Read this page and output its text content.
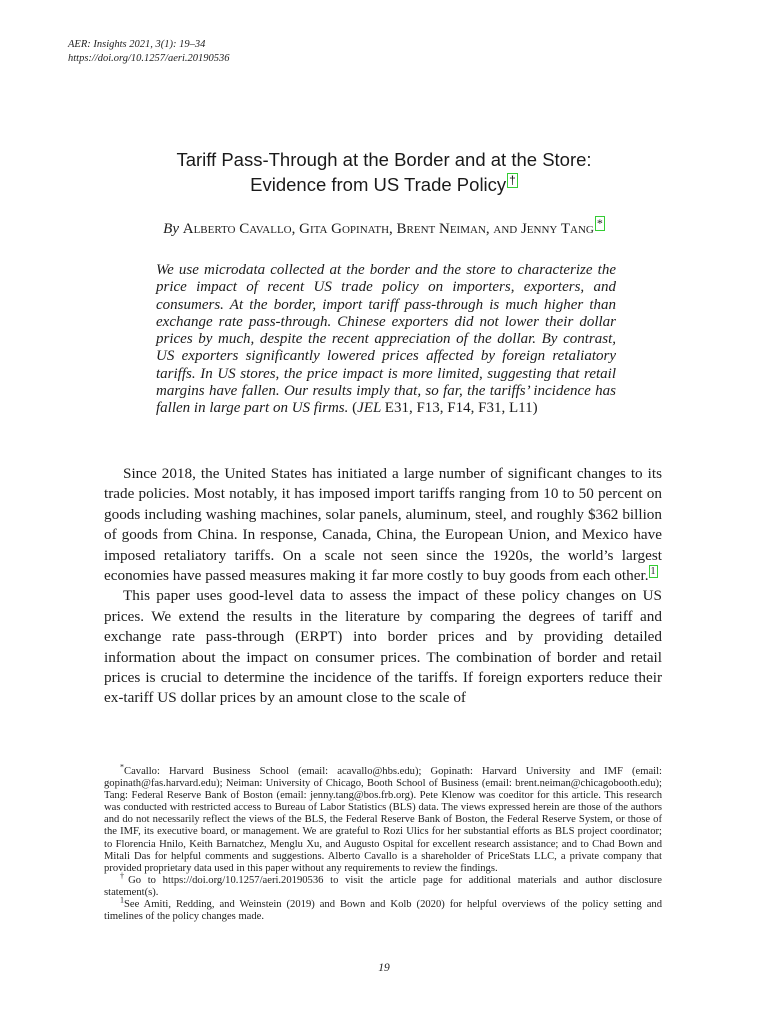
AER: Insights 2021, 3(1): 19–34
https://doi.org/10.1257/aeri.20190536
Tariff Pass-Through at the Border and at the Store:
Evidence from US Trade Policy †
By Alberto Cavallo, Gita Gopinath, Brent Neiman, and Jenny Tang *
We use microdata collected at the border and the store to characterize the price impact of recent US trade policy on importers, exporters, and consumers. At the border, import tariff pass-through is much higher than exchange rate pass-through. Chinese exporters did not lower their dollar prices by much, despite the recent appreciation of the dollar. By contrast, US exporters significantly lowered prices affected by foreign retaliatory tariffs. In US stores, the price impact is more limited, suggesting that retail margins have fallen. Our results imply that, so far, the tariffs’ incidence has fallen in large part on US firms. (JEL E31, F13, F14, F31, L11)

Since 2018, the United States has initiated a large number of significant changes to its trade policies. Most notably, it has imposed import tariffs ranging from 10 to 50 percent on goods including washing machines, solar panels, aluminum, steel, and roughly $362 billion of goods from China. In response, Canada, China, the European Union, and Mexico have imposed retaliatory tariffs. On a scale not seen since the 1920s, the world’s largest economies have passed measures making it far more costly to buy goods from each other. $^1$

This paper uses good-level data to assess the impact of these policy changes on US prices. We extend the results in the literature by comparing the degrees of tariff and exchange rate pass-through (ERPT) into border prices and by providing detailed information about the impact on consumer prices. The combination of border and retail prices is crucial to determine the incidence of the tariffs. If foreign exporters reduce their ex-tariff US dollar prices by an amount close to the scale of

*Cavallo: Harvard Business School (email: acavallo@hbs.edu); Gopinath: Harvard University and IMF (email: gopinath@fas.harvard.edu); Neiman: University of Chicago, Booth School of Business (email: brent.neiman@chicagobooth.edu); Tang: Federal Reserve Bank of Boston (email: jenny.tang@bos.frb.org). Pete Klenow was coeditor for this article. This research was conducted with restricted access to Bureau of Labor Statistics (BLS) data. The views expressed herein are those of the authors and do not necessarily reflect the views of the BLS, the Federal Reserve Bank of Boston, the Federal Reserve System, or those of the IMF, its executive board, or management. We are grateful to Rozi Ulics for her substantial efforts as BLS project coordinator; to Florencia Hnilo, Keith Barnatchez, Menglu Xu, and Augusto Ospital for excellent research assistance; and to Chad Bown and Mitali Das for helpful comments and suggestions. Alberto Cavallo is a shareholder of PriceStats LLC, a private company that provided proprietary data used in this paper without any requirements to review the findings.

†Go to https://doi.org/10.1257/aeri.20190536 to visit the article page for additional materials and author disclosure statement(s).

$^1$See Amiti, Redding, and Weinstein (2019) and Bown and Kolb (2020) for helpful overviews of the policy setting and timelines of the policy changes made.

19
